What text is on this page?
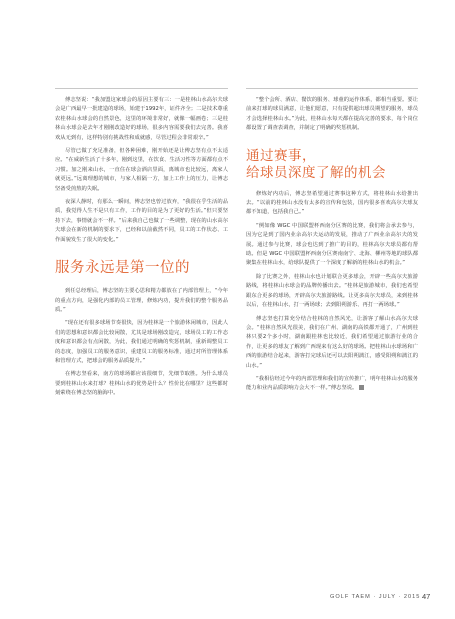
傅志坚说：“我加盟这家球会的原因主要有三：一是桂林山水高尔夫球会是广西最早一批建造的球场，始建于1992年，证件齐全；二是技术尊重农桂林山水球会的自然景色，这里的环境非常好，就像一幅画卷；三是桂林山水球会是去年才刚刚改造好的球场，很多内容需要我们去完善。我喜欢从无到有，这样特别有挑战性和成就感，尽管过程会非常艰辛。”

尽管已做了充足准备，但各种困难，刚开始还是让傅志坚有点不太适应。“在威新生活了十多年，刚到这里，在饮食、生活习性等方面都有点不习惯。加之刚来山水，一直住在球会酒店里面，离城市也比较远，离家人就更远。”远离理想的城市，与家人相隔一方，加上工作上的压力，让傅志坚备受煎熬的失眠。

夜深人静时，有那么一瞬间，傅志坚也曾过放弃，“我很在乎生活的品质，我觉得人生不是只有工作，工作的目的是为了更好的生活。”但只要坚持下去，事情就会不一样。“后来我自己也做了一些调整，现在的山水高尔夫球会在新的机制的要求下，已经和以前截然不同，员工的工作状态、工作面貌发生了很大的变化。”

服务永远是第一位的

到任总经理后，傅志坚的主要心思和精力都放在了内部管理上，“今年的重点方向，是强化内部的员工管理，修炼内功，提升我们的整个服务品质。”

“现在还有很多球场节奏很快，因为桂林是一个旅游休闲城市，因此人们的思想和意识都会比较闲散，尤其是球场刚改造完，球场员工的工作态度和意识都会有点闲散，为此，我们通过明确的奖惩机制，重新调整员工的态度，加强员工的服务意识，重建员工的服务标准，通过对所管理体系和管理方式，把球会的服务品质提升。”

在傅志坚看来，南方的球场都应该很细节，先细节取胜。为什么球员要到桂林山水来打球？桂林山水的优势是什么？性价比在哪里？这些都时刻萦绕在傅志坚的脑海中。

“整个会所、酒店、餐饮的服务、球童的运作体系，都相当重要。要让前来打球的球员满意，让他们愿意，只有提供超出球员期望的服务，球员才会选择桂林山水。”为此，桂林山水每天都在提高完善的要求，每个岗位都设置了调查表调查，并制定了明确的奖惩机制。

通过赛事，
给球员深度了解的机会

修炼好内功后，傅志坚希望通过赛事这种方式，将桂林山水给推出去。“以前的桂林山水没有太多的宣传和包装，国内很多喜欢高尔夫球友都不知道，包括我自己。”

“例如像 WGC 中国联盟杯西南分区赛的比赛，我们将会承去参与，因为它是到了国内业余高尔夫运动的发展，推动了广西业余高尔夫的发展。通过参与比赛，球会也达到了推广的目的，桂林高尔夫球员都有帮助。但是 WGC 中国联盟杯西南分区赛南南宁、北海、柳州等地的球队都聚集在桂林山水，给球队提供了一个深度了解新的桂林山水的机会。”

除了比赛之外，桂林山水也计划联合更多球会，开辟一些高尔夫旅游路线，将桂林山水球会的品牌传播出去。“桂林是旅游城市，我们也希望跟东合更多的球场，开辟高尔夫旅游路线。让更多高尔夫球员，来到桂林以后，在桂林山水，打一两场球；去到阳朔游乐、再打一两场球。”

傅志坚也打算充分结合桂林的自然风光，让游客了解山水高尔夫球会。“桂林自然风光很美，我们在广州、湖南的高铁都开通了，广州到桂林只要2个多小时，湖南跟桂林也比较近，我们希望通过旅游行业的合作，让更多的球友了解到广西现来有这么好的球场。把桂林山水球场和广西的旅游结合起来，游客打完球后还可以去阳朔漓江，感受阳朔和漓江的山水。”

“我相信经过今年的内部管理和我们的宣传推广，明年桂林山水的服务能力和业内品质影响力会大不一样。”傅志坚说。

GOLF TAEM · JULY · 2015 47
